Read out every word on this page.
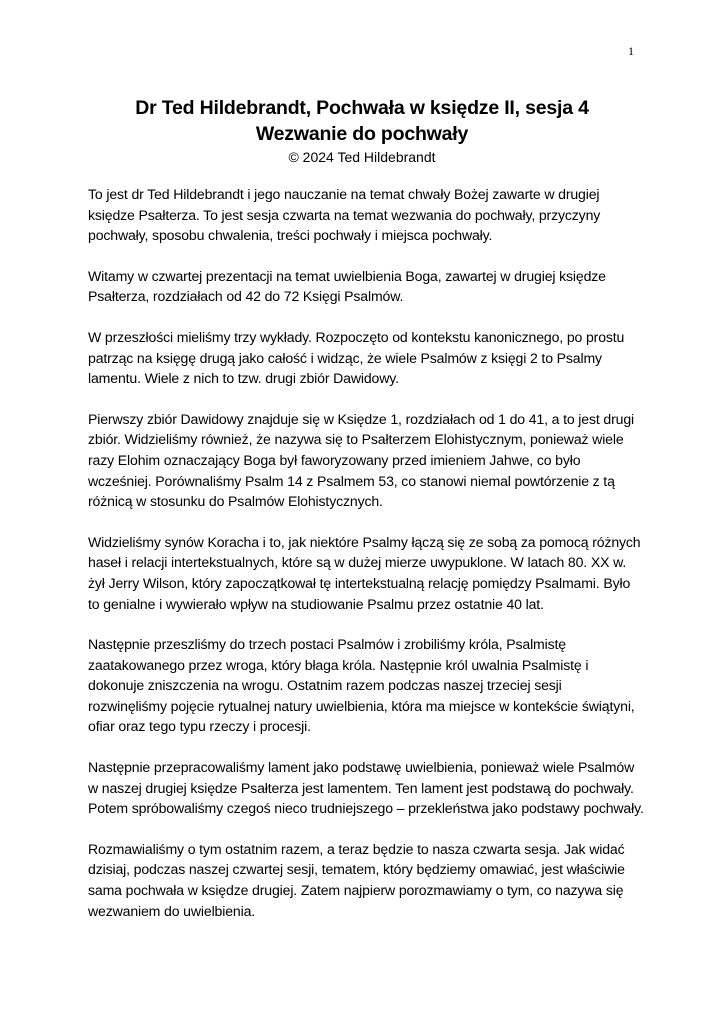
1
Dr Ted Hildebrandt, Pochwała w księdze II, sesja 4
Wezwanie do pochwały
© 2024 Ted Hildebrandt

To jest dr Ted Hildebrandt i jego nauczanie na temat chwały Bożej zawarte w drugiej księdze Psałterza. To jest sesja czwarta na temat wezwania do pochwały, przyczyny pochwały, sposobu chwalenia, treści pochwały i miejsca pochwały.

Witamy w czwartej prezentacji na temat uwielbienia Boga, zawartej w drugiej księdze Psałterza, rozdziałach od 42 do 72 Księgi Psalmów.

W przeszłości mieliśmy trzy wykłady. Rozpoczęto od kontekstu kanonicznego, po prostu patrząc na księgę drugą jako całość i widząc, że wiele Psalmów z księgi 2 to Psalmy lamentu. Wiele z nich to tzw. drugi zbiór Dawidowy.

Pierwszy zbiór Dawidowy znajduje się w Księdze 1, rozdziałach od 1 do 41, a to jest drugi zbiór. Widzieliśmy również, że nazywa się to Psałterzem Elohistycznym, ponieważ wiele razy Elohim oznaczający Boga był faworyzowany przed imieniem Jahwe, co było wcześniej. Porównaliśmy Psalm 14 z Psalmem 53, co stanowi niemal powtórzenie z tą różnicą w stosunku do Psalmów Elohistycznych.

Widzieliśmy synów Koracha i to, jak niektóre Psalmy łączą się ze sobą za pomocą różnych haseł i relacji intertekstualnych, które są w dużej mierze uwypuklone. W latach 80. XX w. żył Jerry Wilson, który zapoczątkował tę intertekstualną relację pomiędzy Psalmami. Było to genialne i wywierało wpływ na studiowanie Psalmu przez ostatnie 40 lat.

Następnie przeszliśmy do trzech postaci Psalmów i zrobiliśmy króla, Psalmistę zaatakowanego przez wroga, który błaga króla. Następnie król uwalnia Psalmistę i dokonuje zniszczenia na wrogu. Ostatnim razem podczas naszej trzeciej sesji rozwinęliśmy pojęcie rytualnej natury uwielbienia, która ma miejsce w kontekście świątyni, ofiar oraz tego typu rzeczy i procesji.

Następnie przepracowaliśmy lament jako podstawę uwielbienia, ponieważ wiele Psalmów w naszej drugiej księdze Psałterza jest lamentem. Ten lament jest podstawą do pochwały. Potem spróbowaliśmy czegoś nieco trudniejszego – przekleństwa jako podstawy pochwały.

Rozmawialiśmy o tym ostatnim razem, a teraz będzie to nasza czwarta sesja. Jak widać dzisiaj, podczas naszej czwartej sesji, tematem, który będziemy omawiać, jest właściwie sama pochwała w księdze drugiej. Zatem najpierw porozmawiamy o tym, co nazywa się wezwaniem do uwielbienia.
